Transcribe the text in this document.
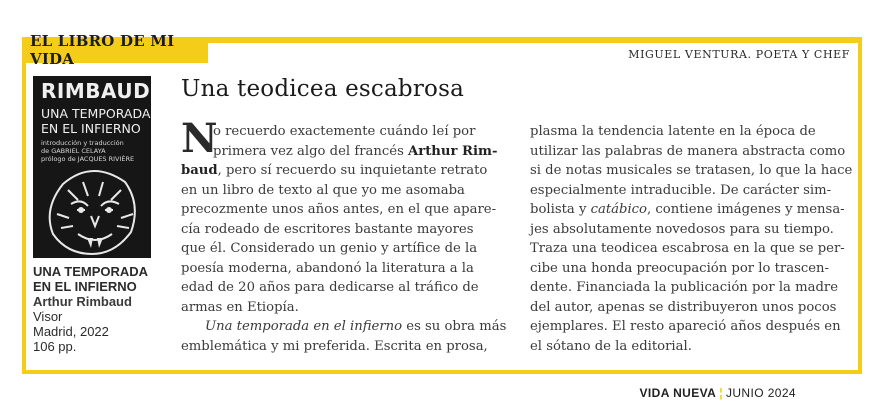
EL LIBRO DE MI VIDA	MIGUEL VENTURA. POETA Y CHEF
RIMBAUD
UNA TEMPORADA
EN EL INFIERNO
introducción y traducción
de GABRIEL CELAYA
prólogo de JACQUES RIVIÈRE
UNA TEMPORADA
EN EL INFIERNO
Arthur Rimbaud
Visor
Madrid, 2022
106 pp.
Una teodicea escabrosa
N
o recuerdo exactemente cuándo leí por
primera vez algo del francés Arthur Rim-
baud, pero sí recuerdo su inquietante retrato
en un libro de texto al que yo me asomaba
precozmente unos años antes, en el que apare-
cía rodeado de escritores bastante mayores
que él. Considerado un genio y artífice de la
poesía moderna, abandonó la literatura a la
edad de 20 años para dedicarse al tráfico de
armas en Etiopía.
Una temporada en el infierno es su obra más
emblemática y mi preferida. Escrita en prosa,
plasma la tendencia latente en la época de
utilizar las palabras de manera abstracta como
si de notas musicales se tratasen, lo que la hace
especialmente intraducible. De carácter sim-
bolista y catábico, contiene imágenes y mensa-
jes absolutamente novedosos para su tiempo.
Traza una teodicea escabrosa en la que se per-
cibe una honda preocupación por lo trascen-
dente. Financiada la publicación por la madre
del autor, apenas se distribuyeron unos pocos
ejemplares. El resto apareció años después en
el sótano de la editorial.
VIDA NUEVA ¦ JUNIO 2024
